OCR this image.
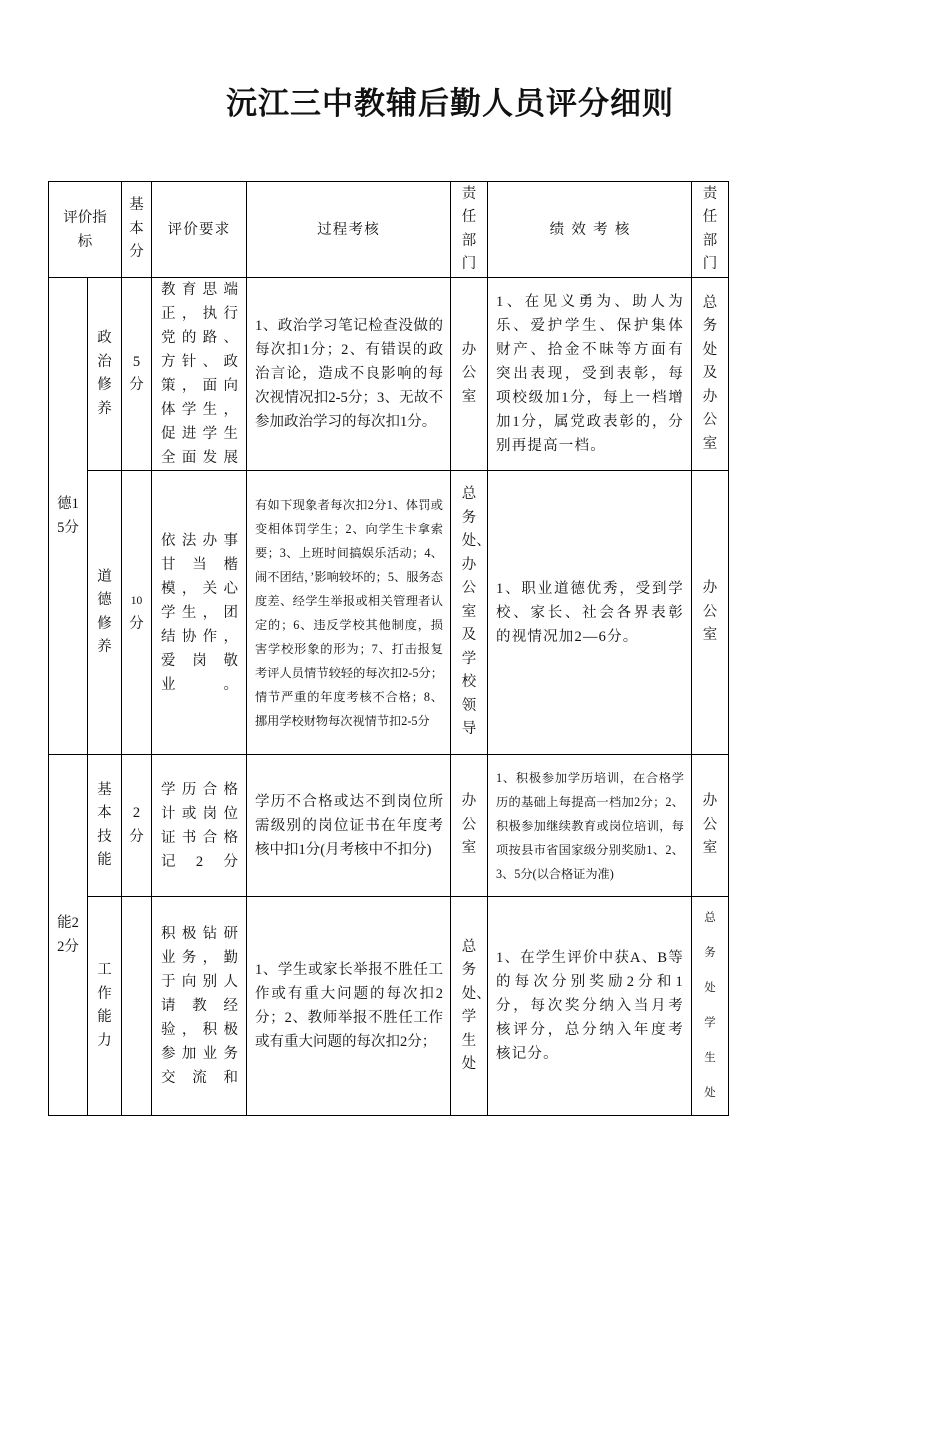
沅江三中教辅后勤人员评分细则
评价指标		基本分	评价要求	过程考核	责任部门	绩  效  考  核	责任部门

德15分	政治修养	5分	教育思端正，执行党的路、方针、政策，面向体学生，促进学生全面发展	1、政治学习笔记检查没做的每次扣1分；2、有错误的政治言论，造成不良影响的每次视情况扣2-5分；3、无故不参加政治学习的每次扣1分。	办公室	1、在见义勇为、助人为乐、爱护学生、保护集体财产、拾金不昧等方面有突出表现，受到表彰，每项校级加1分，每上一档增加1分，属党政表彰的，分别再提高一档。	总务处及办公室

	道德修养	10 分	依法办事甘当楷模，关心学生，团结协作，爱岗敬业。	有如下现象者每次扣2分1、体罚或变相体罚学生；2、向学生卡拿索要；3、上班时间搞娱乐活动；4、闹不团结，’影响较坏的；5、服务态度差、经学生举报或相关管理者认定的；6、违反学校其他制度，损害学校形象的形为；7、打击报复考评人员情节较轻的每次扣2-5分；情节严重的年度考核不合格；8、挪用学校财物每次视情节扣2-5分	总务处、办公室及学校领导	1、职业道德优秀，受到学校、家长、社会各界表彰的视情况加2—6分。	办公室

能22分	基本技能	2分	学历合格计或岗位证书合格记2分	学历不合格或达不到岗位所需级别的岗位证书在年度考核中扣1分(月考核中不扣分)	办公室	1、积极参加学历培训，在合格学历的基础上每提高一档加2分；2、积极参加继续教育或岗位培训，每项按县市省国家级分别奖励1、2、3、5分(以合格证为准)	办公室

	工作能力		积极钻研业务，勤于向别人请教经验，积极参加业务交流和	1、学生或家长举报不胜任工作或有重大问题的每次扣2分；2、教师举报不胜任工作或有重大问题的每次扣2分；	总务处、学生处	1、在学生评价中获A、B等的每次分别奖励2分和1分，每次奖分纳入当月考核评分，总分纳入年度考核记分。	总务处学生处
